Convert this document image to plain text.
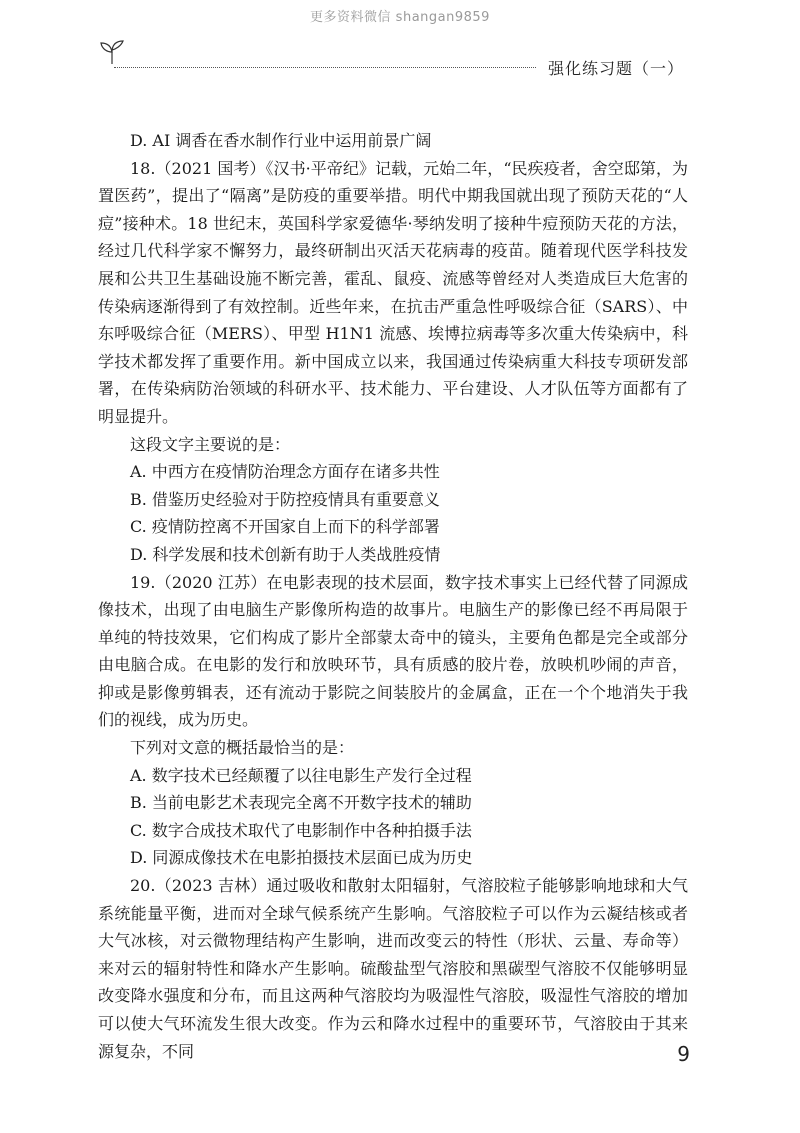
更多资料微信 shangan9859
强化练习题（一）

D. AI 调香在香水制作行业中运用前景广阔

18.（2021 国考）《汉书·平帝纪》记载，元始二年，“民疾疫者，舍空邸第，为置医药”，提出了“隔离”是防疫的重要举措。明代中期我国就出现了预防天花的“人痘”接种术。18 世纪末，英国科学家爱德华·琴纳发明了接种牛痘预防天花的方法，经过几代科学家不懈努力，最终研制出灭活天花病毒的疫苗。随着现代医学科技发展和公共卫生基础设施不断完善，霍乱、鼠疫、流感等曾经对人类造成巨大危害的传染病逐渐得到了有效控制。近些年来，在抗击严重急性呼吸综合征（SARS）、中东呼吸综合征（MERS）、甲型 H1N1 流感、埃博拉病毒等多次重大传染病中，科学技术都发挥了重要作用。新中国成立以来，我国通过传染病重大科技专项研发部署，在传染病防治领域的科研水平、技术能力、平台建设、人才队伍等方面都有了明显提升。

这段文字主要说的是：

A. 中西方在疫情防治理念方面存在诸多共性

B. 借鉴历史经验对于防控疫情具有重要意义

C. 疫情防控离不开国家自上而下的科学部署

D. 科学发展和技术创新有助于人类战胜疫情

19.（2020 江苏）在电影表现的技术层面，数字技术事实上已经代替了同源成像技术，出现了由电脑生产影像所构造的故事片。电脑生产的影像已经不再局限于单纯的特技效果，它们构成了影片全部蒙太奇中的镜头，主要角色都是完全或部分由电脑合成。在电影的发行和放映环节，具有质感的胶片卷，放映机吵闹的声音，抑或是影像剪辑表，还有流动于影院之间装胶片的金属盒，正在一个个地消失于我们的视线，成为历史。

下列对文意的概括最恰当的是：

A. 数字技术已经颠覆了以往电影生产发行全过程

B. 当前电影艺术表现完全离不开数字技术的辅助

C. 数字合成技术取代了电影制作中各种拍摄手法

D. 同源成像技术在电影拍摄技术层面已成为历史

20.（2023 吉林）通过吸收和散射太阳辐射，气溶胶粒子能够影响地球和大气系统能量平衡，进而对全球气候系统产生影响。气溶胶粒子可以作为云凝结核或者大气冰核，对云微物理结构产生影响，进而改变云的特性（形状、云量、寿命等）来对云的辐射特性和降水产生影响。硫酸盐型气溶胶和黑碳型气溶胶不仅能够明显改变降水强度和分布，而且这两种气溶胶均为吸湿性气溶胶，吸湿性气溶胶的增加可以使大气环流发生很大改变。作为云和降水过程中的重要环节，气溶胶由于其来源复杂，不同	9
